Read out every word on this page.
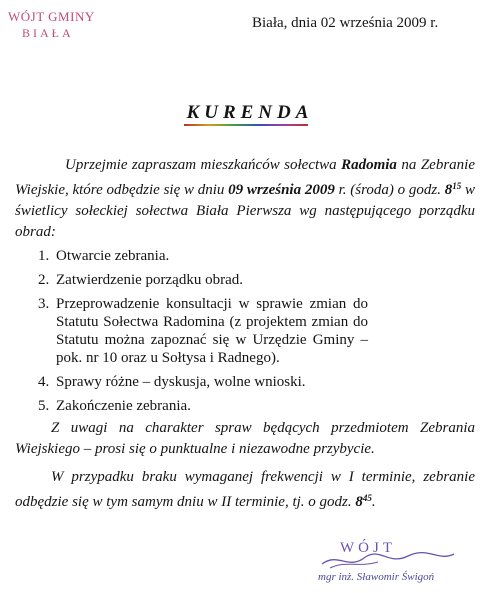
WÓJT GMINY
BIAŁA
Biała, dnia 02 września 2009 r.
KURENDA

Uprzejmie zapraszam mieszkańców sołectwa Radomia na Zebranie Wiejskie, które odbędzie się w dniu 09 września 2009 r. (środa) o godz. $8^{15}$ w świetlicy sołeckiej sołectwa Biała Pierwsza wg następującego porządku obrad:

1. Otwarcie zebrania.
2. Zatwierdzenie porządku obrad.
3. Przeprowadzenie konsultacji w sprawie zmian do Statutu Sołectwa Radomina (z projektem zmian do Statutu można zapoznać się w Urzędzie Gminy – pok. nr 10 oraz u Sołtysa i Radnego).
4. Sprawy różne – dyskusja, wolne wnioski.
5. Zakończenie zebrania.

Z uwagi na charakter spraw będących przedmiotem Zebrania Wiejskiego – prosi się o punktualne i niezawodne przybycie.

W przypadku braku wymaganej frekwencji w I terminie, zebranie odbędzie się w tym samym dniu w II terminie, tj. o godz. $8^{45}$.

WÓJT
mgr inż. Sławomir Świgoń
